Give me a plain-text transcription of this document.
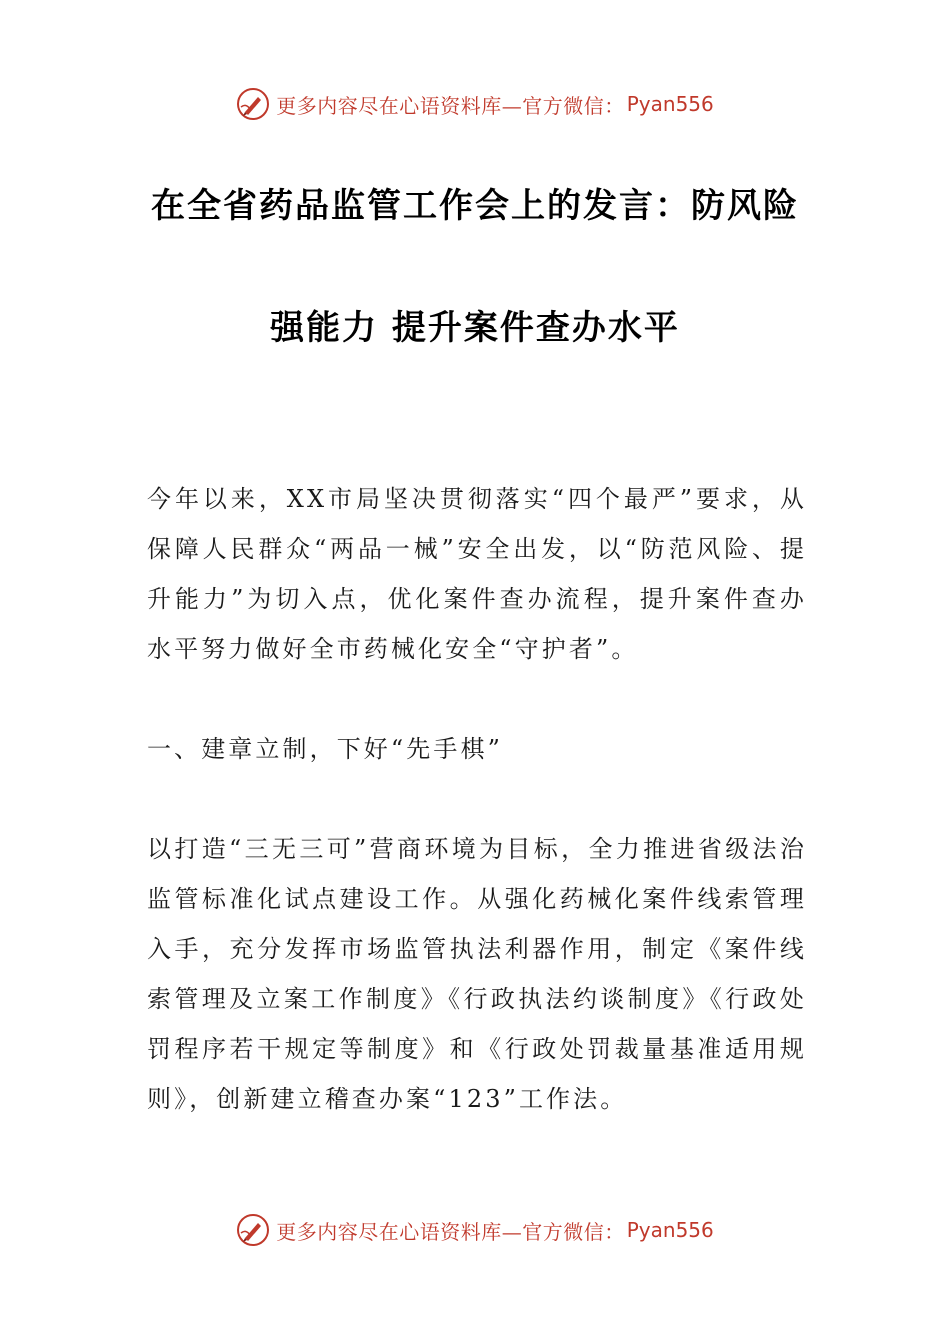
更多内容尽在心语资料库—官方微信： Pyan556
在全省药品监管工作会上的发言：防风险
强能力 提升案件查办水平
今年以来，XX市局坚决贯彻落实“四个最严”要求，从保障人民群众“两品一械”安全出发，以“防范风险、提升能力”为切入点，优化案件查办流程，提升案件查办水平努力做好全市药械化安全“守护者”。
一、建章立制，下好“先手棋”
以打造“三无三可”营商环境为目标，全力推进省级法治监管标准化试点建设工作。从强化药械化案件线索管理入手，充分发挥市场监管执法利器作用，制定《案件线索管理及立案工作制度》《行政执法约谈制度》《行政处罚程序若干规定等制度》和《行政处罚裁量基准适用规则》，创新建立稽查办案“123”工作法。
更多内容尽在心语资料库—官方微信： Pyan556
